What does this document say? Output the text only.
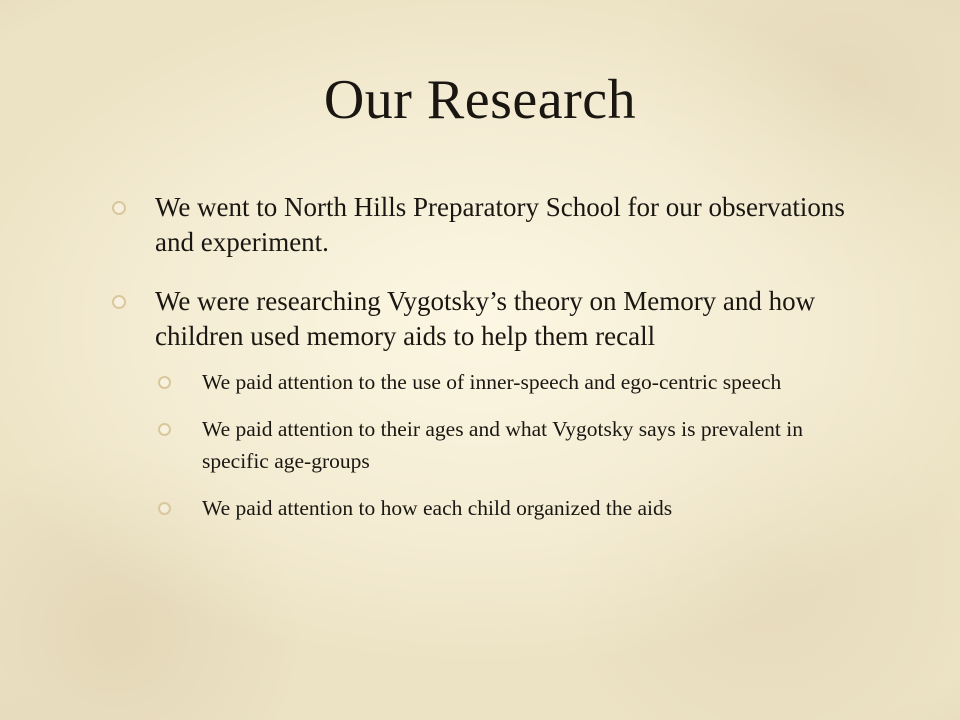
Our Research
We went to North Hills Preparatory School for our observations and experiment.
We were researching Vygotsky’s theory on Memory and how children used memory aids to help them recall
We paid attention to the use of inner-speech and ego-centric speech
We paid attention to their ages and what Vygotsky says is prevalent in specific age-groups
We paid attention to how each child organized the aids
